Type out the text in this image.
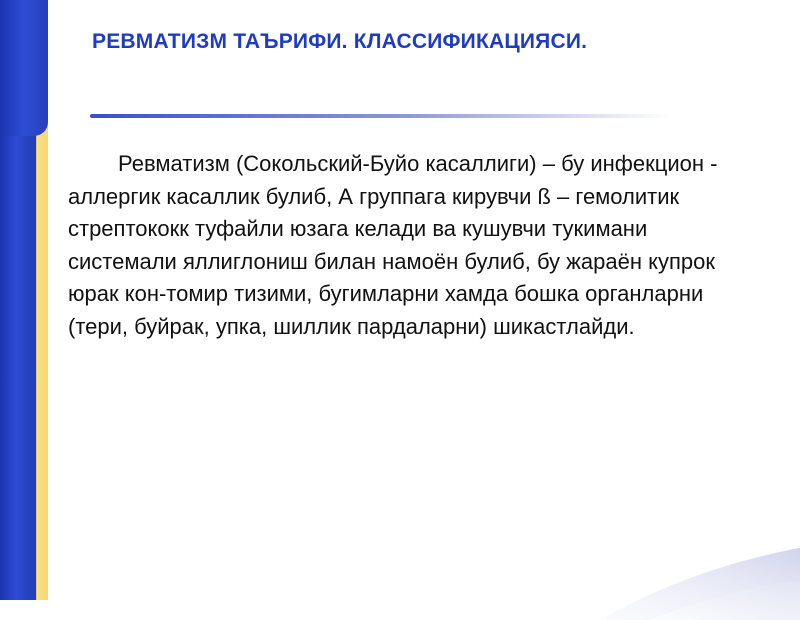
РЕВМАТИЗМ ТАЪРИФИ. КЛАССИФИКАЦИЯСИ.

Ревматизм (Сокольский-Буйо касаллиги) – бу инфекцион - аллергик касаллик булиб, А группага кирувчи ß – гемолитик стрептококк туфайли юзага келади ва кушувчи тукимани системали яллиглониш билан намоён булиб, бу жараён купрок юрак кон-томир тизими, бугимларни хамда бошка органларни (тери, буйрак, упка, шиллик пардаларни) шикастлайди.
